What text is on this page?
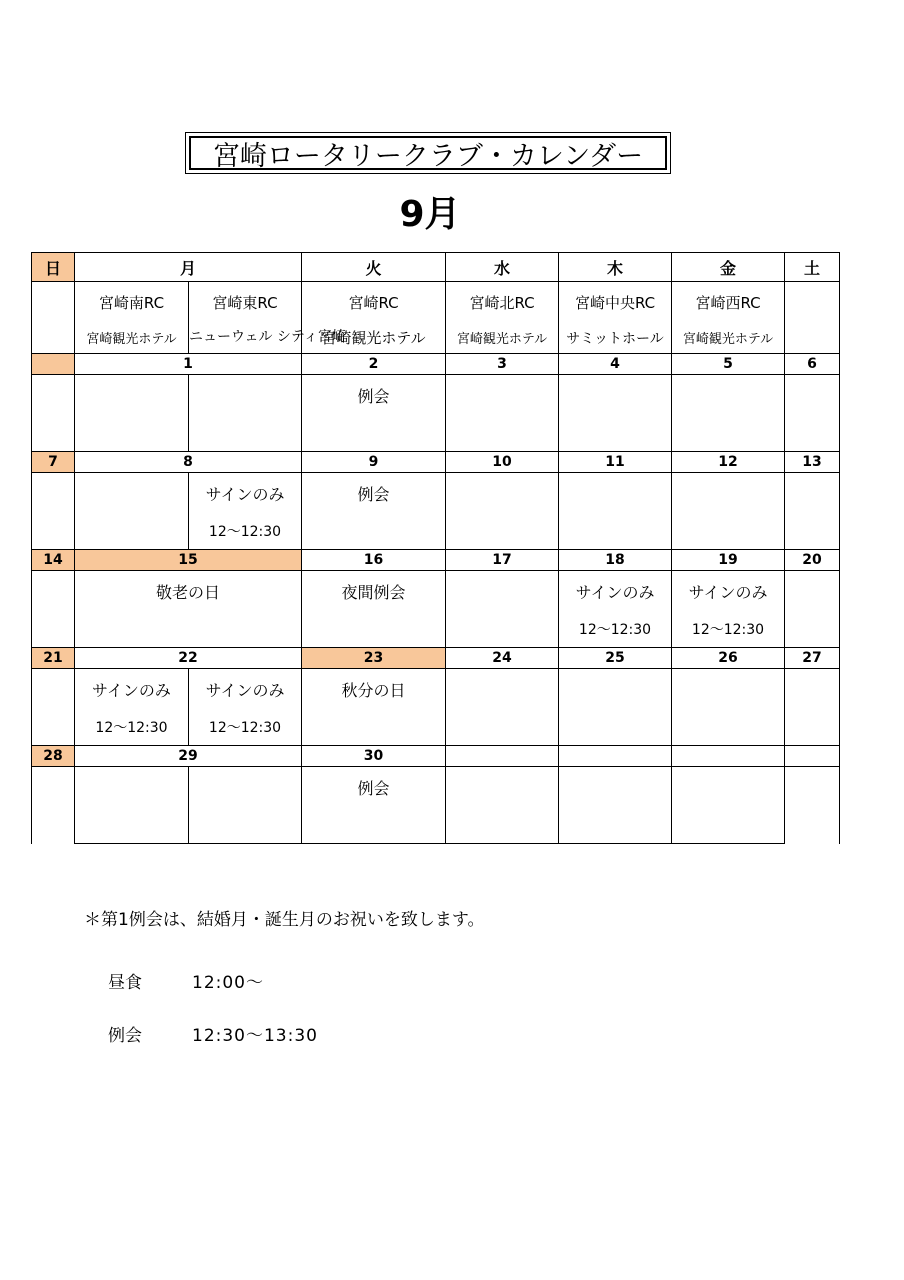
宮崎ロータリークラブ・カレンダー
9月
日	月		火	水	木	金	土
	宮崎南RC	宮崎東RC	宮崎RC	宮崎北RC	宮崎中央RC	宮崎西RC	
	宮崎観光ホテル	ニューウェル シティ宮崎	宮崎観光ホテル	宮崎観光ホテル	サミットホール	宮崎観光ホテル	
	1		2	3	4	5	6
			例会				

7	8		9	10	11	12	13
		サインのみ	例会				
		12～12:30					
14	15		16	17	18	19	20
	敬老の日		夜間例会		サインのみ	サインのみ	
					12～12:30	12～12:30	
21	22		23	24	25	26	27
	サインのみ	サインのみ	秋分の日				
	12～12:30	12～12:30					
28	29		30				
			例会				

＊第1例会は、結婚月・誕生月のお祝いを致します。
昼食	12:00～
例会	12:30～13:30
